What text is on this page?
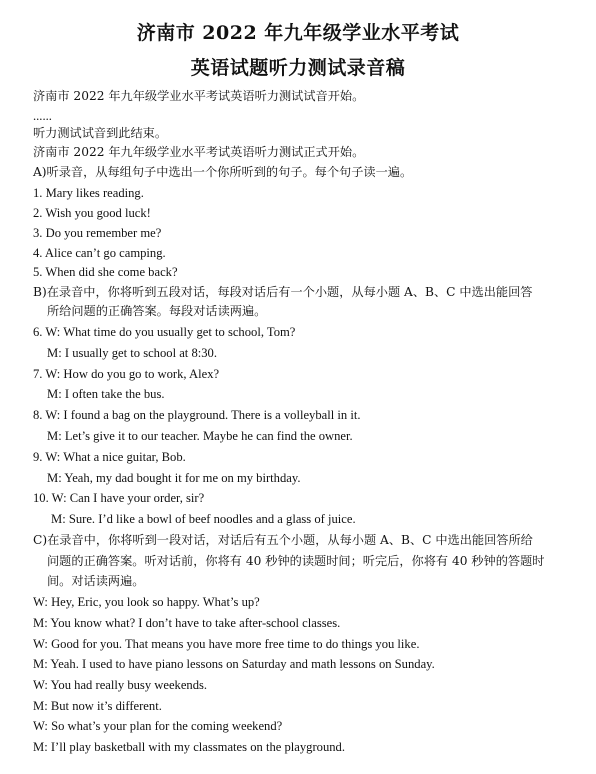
济南市 2022 年九年级学业水平考试
英语试题听力测试录音稿
济南市 2022 年九年级学业水平考试英语听力测试试音开始。
......
听力测试试音到此结束。
济南市 2022 年九年级学业水平考试英语听力测试正式开始。
A)听录音，从每组句子中选出一个你所听到的句子。每个句子读一遍。
1. Mary likes reading.
2. Wish you good luck!
3. Do you remember me?
4. Alice can’t go camping.
5. When did she come back?
B)在录音中，你将听到五段对话，每段对话后有一个小题，从每小题 A、B、C 中选出能回答
所给问题的正确答案。每段对话读两遍。
6. W: What time do you usually get to school, Tom?
M: I usually get to school at 8:30.
7. W: How do you go to work, Alex?
M: I often take the bus.
8. W: I found a bag on the playground. There is a volleyball in it.
M: Let’s give it to our teacher. Maybe he can find the owner.
9. W: What a nice guitar, Bob.
M: Yeah, my dad bought it for me on my birthday.
10. W: Can I have your order, sir?
M: Sure. I’d like a bowl of beef noodles and a glass of juice.
C)在录音中，你将听到一段对话，对话后有五个小题，从每小题 A、B、C 中选出能回答所给
问题的正确答案。听对话前，你将有 40 秒钟的读题时间；听完后，你将有 40 秒钟的答题时
间。对话读两遍。
W: Hey, Eric, you look so happy. What’s up?
M: You know what? I don’t have to take after-school classes.
W: Good for you. That means you have more free time to do things you like.
M: Yeah. I used to have piano lessons on Saturday and math lessons on Sunday.
W: You had really busy weekends.
M: But now it’s different.
W: So what’s your plan for the coming weekend?
M: I’ll play basketball with my classmates on the playground.
